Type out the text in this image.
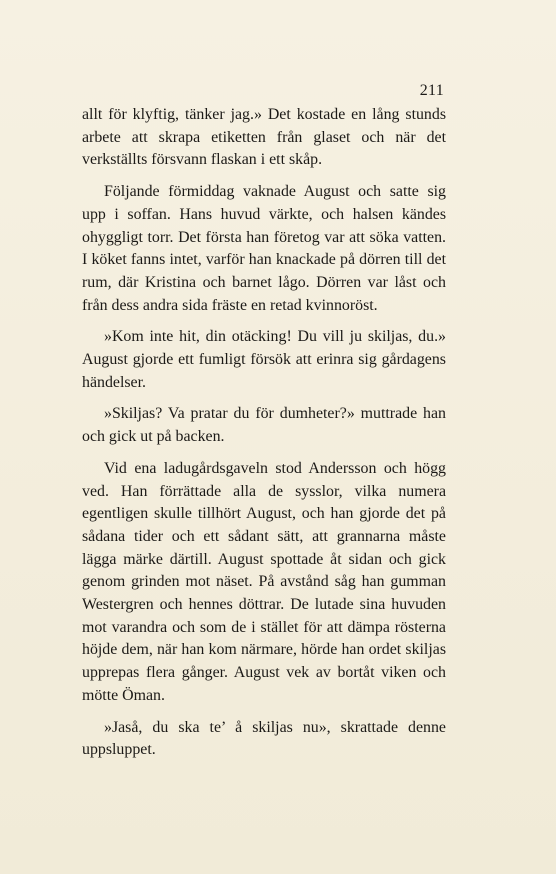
211

allt för klyftig, tänker jag.» Det kostade en lång stunds arbete att skrapa etiketten från glaset och när det verkställts försvann flaskan i ett skåp.

Följande förmiddag vaknade August och satte sig upp i soffan. Hans huvud värkte, och halsen kändes ohyggligt torr. Det första han företog var att söka vatten. I köket fanns intet, varför han knackade på dörren till det rum, där Kristina och barnet lågo. Dörren var låst och från dess andra sida fräste en retad kvinnoröst.

»Kom inte hit, din otäcking! Du vill ju skiljas, du.» August gjorde ett fumligt försök att erinra sig gårdagens händelser.

»Skiljas? Va pratar du för dumheter?» muttrade han och gick ut på backen.

Vid ena ladugårdsgaveln stod Andersson och högg ved. Han förrättade alla de sysslor, vilka numera egentligen skulle tillhört August, och han gjorde det på sådana tider och ett sådant sätt, att grannarna måste lägga märke därtill. August spottade åt sidan och gick genom grinden mot näset. På avstånd såg han gumman Westergren och hennes döttrar. De lutade sina huvuden mot varandra och som de i stället för att dämpa rösterna höjde dem, när han kom närmare, hörde han ordet skiljas upprepas flera gånger. August vek av bortåt viken och mötte Öman.

»Jaså, du ska te’ å skiljas nu», skrattade denne uppsluppet.
